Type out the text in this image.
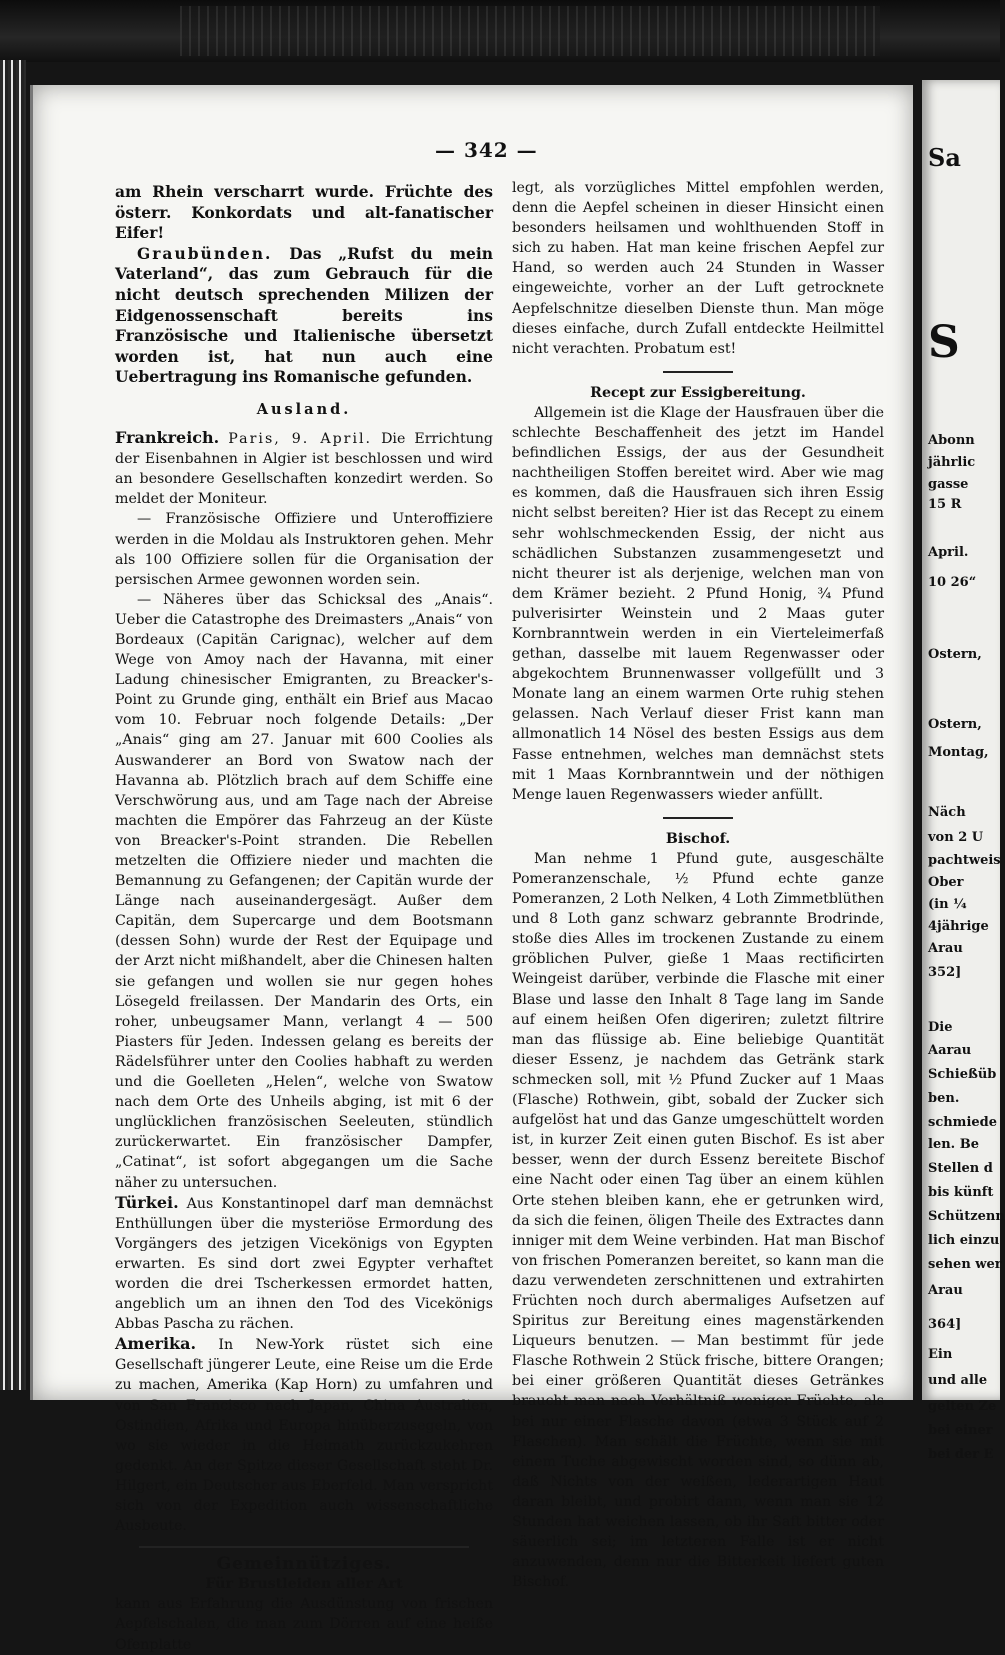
— 342 —

am Rhein verscharrt wurde. Früchte des österr. Konkordats und alt-fanatischer Eifer!

Graubünden. Das „Rufst du mein Vaterland“, das zum Gebrauch für die nicht deutsch sprechenden Milizen der Eidgenossenschaft bereits ins Französische und Italienische übersetzt worden ist, hat nun auch eine Uebertragung ins Romanische gefunden.

Ausland.

Frankreich. Paris, 9. April. Die Errichtung der Eisenbahnen in Algier ist beschlossen und wird an besondere Gesellschaften konzedirt werden. So meldet der Moniteur.

— Französische Offiziere und Unteroffiziere werden in die Moldau als Instruktoren gehen. Mehr als 100 Offiziere sollen für die Organisation der persischen Armee gewonnen worden sein.

— Näheres über das Schicksal des „Anais“. Ueber die Catastrophe des Dreimasters „Anais“ von Bordeaux (Capitän Carignac), welcher auf dem Wege von Amoy nach der Havanna, mit einer Ladung chinesischer Emigranten, zu Breacker's-Point zu Grunde ging, enthält ein Brief aus Macao vom 10. Februar noch folgende Details: „Der „Anais“ ging am 27. Januar mit 600 Coolies als Auswanderer an Bord von Swatow nach der Havanna ab. Plötzlich brach auf dem Schiffe eine Verschwörung aus, und am Tage nach der Abreise machten die Empörer das Fahrzeug an der Küste von Breacker's-Point stranden. Die Rebellen metzelten die Offiziere nieder und machten die Bemannung zu Gefangenen; der Capitän wurde der Länge nach auseinandergesägt. Außer dem Capitän, dem Supercarge und dem Bootsmann (dessen Sohn) wurde der Rest der Equipage und der Arzt nicht mißhandelt, aber die Chinesen halten sie gefangen und wollen sie nur gegen hohes Lösegeld freilassen. Der Mandarin des Orts, ein roher, unbeugsamer Mann, verlangt 4 — 500 Piasters für Jeden. Indessen gelang es bereits der Rädelsführer unter den Coolies habhaft zu werden und die Goelleten „Helen“, welche von Swatow nach dem Orte des Unheils abging, ist mit 6 der unglücklichen französischen Seeleuten, stündlich zurückerwartet. Ein französischer Dampfer, „Catinat“, ist sofort abgegangen um die Sache näher zu untersuchen.

Türkei. Aus Konstantinopel darf man demnächst Enthüllungen über die mysteriöse Ermordung des Vorgängers des jetzigen Vicekönigs von Egypten erwarten. Es sind dort zwei Egypter verhaftet worden die drei Tscherkessen ermordet hatten, angeblich um an ihnen den Tod des Vicekönigs Abbas Pascha zu rächen.

Amerika. In New-York rüstet sich eine Gesellschaft jüngerer Leute, eine Reise um die Erde zu machen, Amerika (Kap Horn) zu umfahren und von San Francisco nach Japan, China Australien, Ostindien, Afrika und Europa hinüberzusegeln, von wo sie wieder in die Heimath zurückzukehren gedenkt. An der Spitze dieser Gesellschaft steht Dr. Hilgert, ein Deutscher aus Eberfeld. Man verspricht sich von der Expedition auch wissenschaftliche Ausbeute.

Gemeinnütziges.
Für Brustleiden aller Art

kann aus Erfahrung die Ausdünstung von frischen Aepfelschalen, die man zum Dörren auf eine heiße Ofenplatte

legt, als vorzügliches Mittel empfohlen werden, denn die Aepfel scheinen in dieser Hinsicht einen besonders heilsamen und wohlthuenden Stoff in sich zu haben. Hat man keine frischen Aepfel zur Hand, so werden auch 24 Stunden in Wasser eingeweichte, vorher an der Luft getrocknete Aepfelschnitze dieselben Dienste thun. Man möge dieses einfache, durch Zufall entdeckte Heilmittel nicht verachten. Probatum est!

Recept zur Essigbereitung.

Allgemein ist die Klage der Hausfrauen über die schlechte Beschaffenheit des jetzt im Handel befindlichen Essigs, der aus der Gesundheit nachtheiligen Stoffen bereitet wird. Aber wie mag es kommen, daß die Hausfrauen sich ihren Essig nicht selbst bereiten? Hier ist das Recept zu einem sehr wohlschmeckenden Essig, der nicht aus schädlichen Substanzen zusammengesetzt und nicht theurer ist als derjenige, welchen man von dem Krämer bezieht. 2 Pfund Honig, ¾ Pfund pulverisirter Weinstein und 2 Maas guter Kornbranntwein werden in ein Vierteleimerfaß gethan, dasselbe mit lauem Regenwasser oder abgekochtem Brunnenwasser vollgefüllt und 3 Monate lang an einem warmen Orte ruhig stehen gelassen. Nach Verlauf dieser Frist kann man allmonatlich 14 Nösel des besten Essigs aus dem Fasse entnehmen, welches man demnächst stets mit 1 Maas Kornbranntwein und der nöthigen Menge lauen Regenwassers wieder anfüllt.

Bischof.

Man nehme 1 Pfund gute, ausgeschälte Pomeranzenschale, ½ Pfund echte ganze Pomeranzen, 2 Loth Nelken, 4 Loth Zimmetblüthen und 8 Loth ganz schwarz gebrannte Brodrinde, stoße dies Alles im trockenen Zustande zu einem gröblichen Pulver, gieße 1 Maas rectificirten Weingeist darüber, verbinde die Flasche mit einer Blase und lasse den Inhalt 8 Tage lang im Sande auf einem heißen Ofen digeriren; zuletzt filtrire man das flüssige ab. Eine beliebige Quantität dieser Essenz, je nachdem das Getränk stark schmecken soll, mit ½ Pfund Zucker auf 1 Maas (Flasche) Rothwein, gibt, sobald der Zucker sich aufgelöst hat und das Ganze umgeschüttelt worden ist, in kurzer Zeit einen guten Bischof. Es ist aber besser, wenn der durch Essenz bereitete Bischof eine Nacht oder einen Tag über an einem kühlen Orte stehen bleiben kann, ehe er getrunken wird, da sich die feinen, öligen Theile des Extractes dann inniger mit dem Weine verbinden. Hat man Bischof von frischen Pomeranzen bereitet, so kann man die dazu verwendeten zerschnittenen und extrahirten Früchten noch durch abermaliges Aufsetzen auf Spiritus zur Bereitung eines magenstärkenden Liqueurs benutzen. — Man bestimmt für jede Flasche Rothwein 2 Stück frische, bittere Orangen; bei einer größeren Quantität dieses Getränkes braucht man nach Verhältniß weniger Früchte, als bei nur einer Flasche davon (etwa 3 Stück auf 2 Flaschen). Man schält die Früchte, wenn sie mit einem Tuche abgewischt worden sind, so dünn ab, daß Nichts von der weißen, lederartigen Haut daran bleibt, und probirt dann, wenn man sie 12 Stunden hat weichen lassen, ob ihr Saft bitter oder säuerlich sei; im letzteren Falle ist er nicht anzuwenden, denn nur die Bitterkeit liefert guten Bischof.

Sa
S
Abonn
jährlic
gasse
15 R
April.
10 26“
Ostern,
Ostern,
Montag,
Näch
von 2 U
pachtweis
Ober
(in ¼
4jährige
Arau
352]
Die
Aarau
Schießüb
ben.
schmiede
len. Be
Stellen d
bis künft
Schützenn
lich einzu
sehen wer
Arau
364]
Ein
und alle
gelten Ze
bei einer
bei der E
